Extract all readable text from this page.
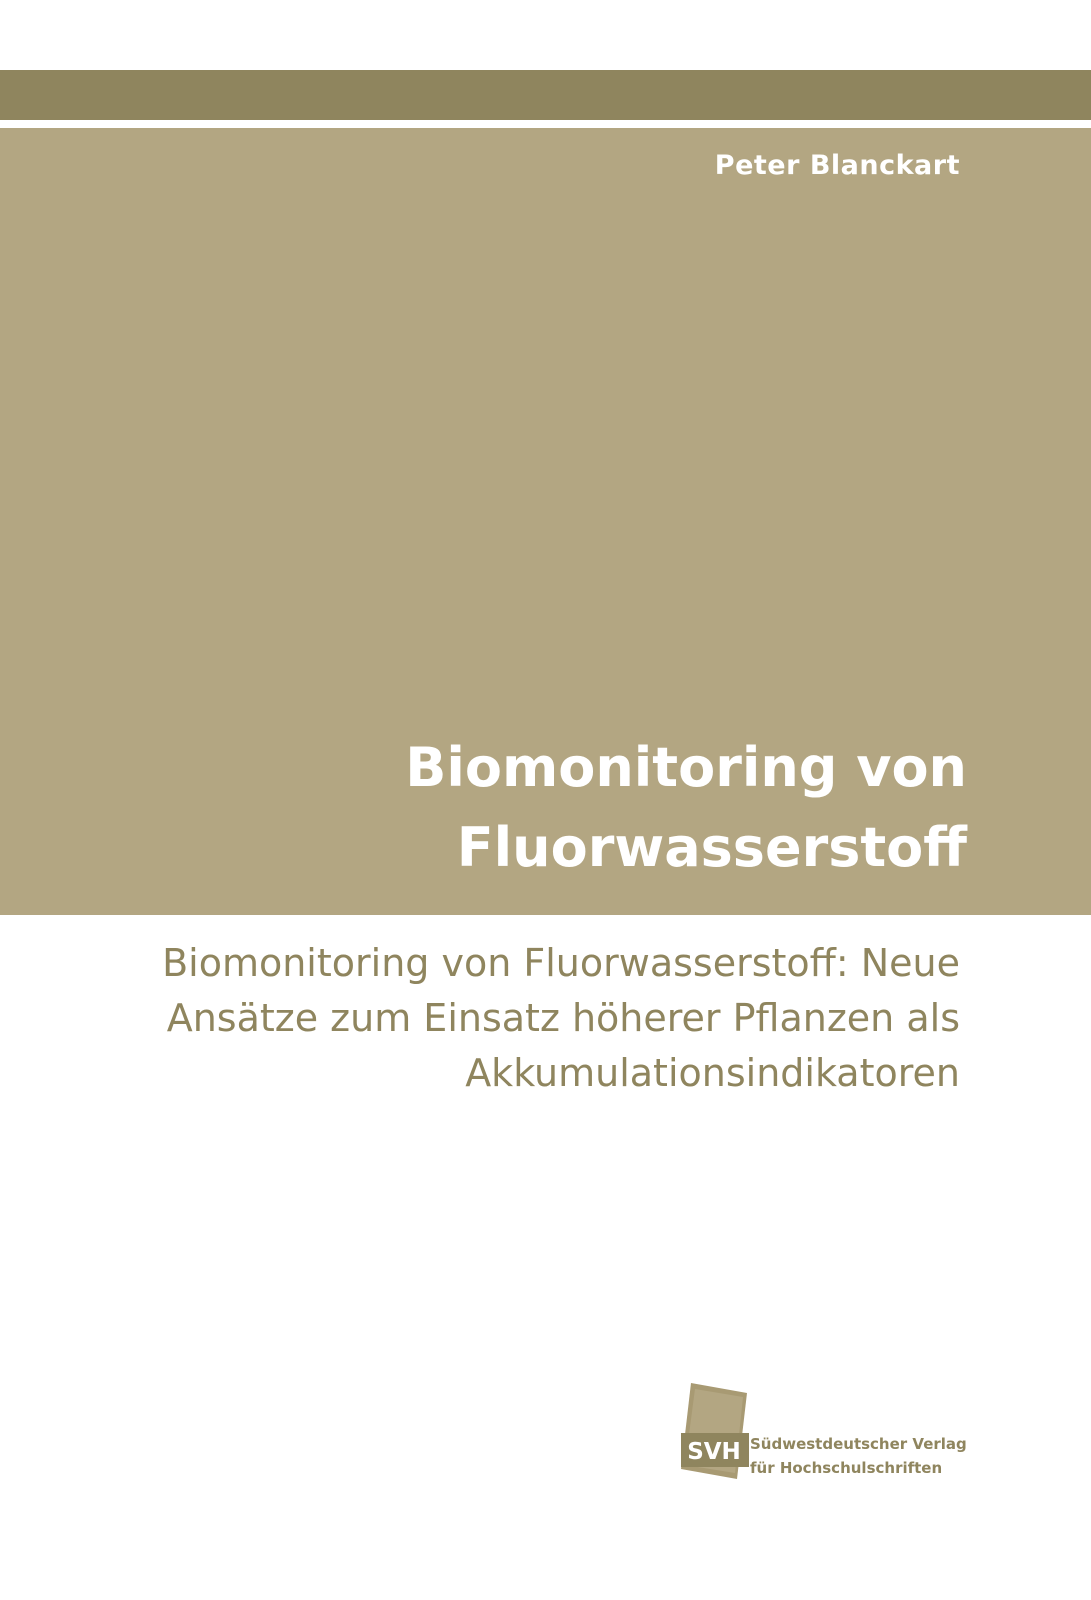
Peter Blanckart
Biomonitoring von
Fluorwasserstoff
Biomonitoring von Fluorwasserstoff: Neue
Ansätze zum Einsatz höherer Pflanzen als
Akkumulationsindikatoren
SVH Südwestdeutscher Verlag
für Hochschulschriften
